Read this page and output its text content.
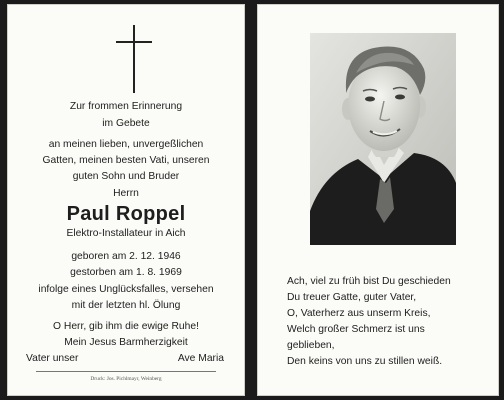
Zur frommen Erinnerung
im Gebete
an meinen lieben, unvergeßlichen
Gatten, meinen besten Vati, unseren
guten Sohn und Bruder
Herrn
Paul Roppel
Elektro-Installateur in Aich
geboren am 2. 12. 1946
gestorben am 1. 8. 1969
infolge eines Unglücksfalles, versehen
mit der letzten hl. Ölung
O Herr, gib ihm die ewige Ruhe!
Mein Jesus Barmherzigkeit
Vater unser	Ave Maria
Druck: Jos. Pichlmayr, Weinberg
Ach, viel zu früh bist Du geschieden
Du treuer Gatte, guter Vater,
O, Vaterherz aus unserm Kreis,
Welch großer Schmerz ist uns
geblieben,
Den keins von uns zu stillen weiß.
